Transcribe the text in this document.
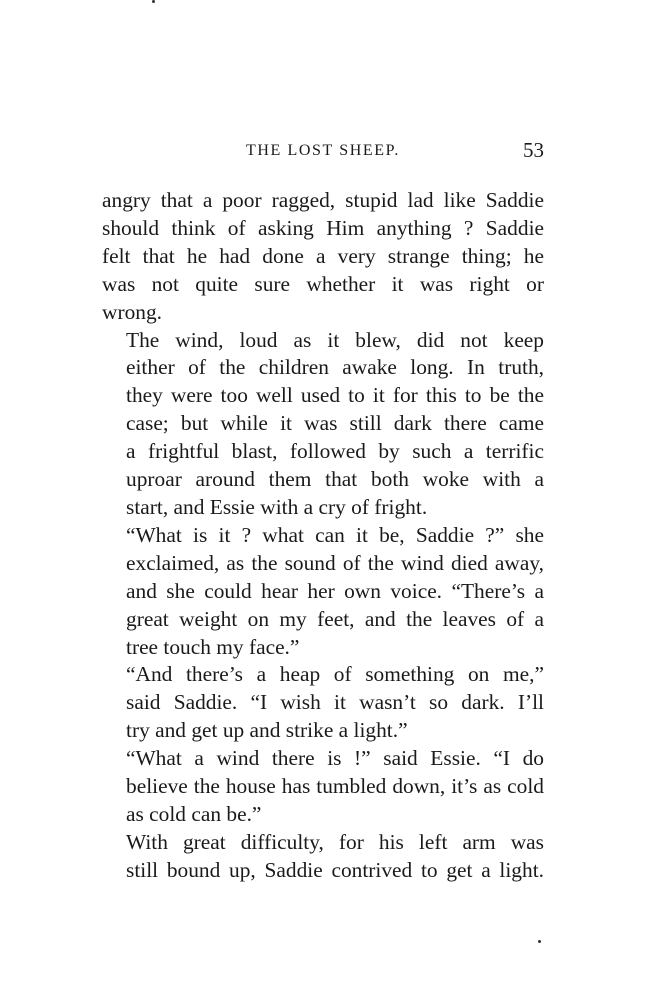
THE LOST SHEEP.	53

angry that a poor ragged, stupid lad like Saddie
should think of asking Him anything ? Saddie
felt that he had done a very strange thing; he
was not quite sure whether it was right or
wrong.

The wind, loud as it blew, did not keep
either of the children awake long. In truth,
they were too well used to it for this to be the
case; but while it was still dark there came
a frightful blast, followed by such a terrific
uproar around them that both woke with a
start, and Essie with a cry of fright.

“What is it ? what can it be, Saddie ?” she
exclaimed, as the sound of the wind died away,
and she could hear her own voice. “There’s a
great weight on my feet, and the leaves of a
tree touch my face.”

“And there’s a heap of something on me,”
said Saddie. “I wish it wasn’t so dark. I’ll
try and get up and strike a light.”

“What a wind there is !” said Essie. “I do
believe the house has tumbled down, it’s as cold
as cold can be.”

With great difficulty, for his left arm was
still bound up, Saddie contrived to get a light.
